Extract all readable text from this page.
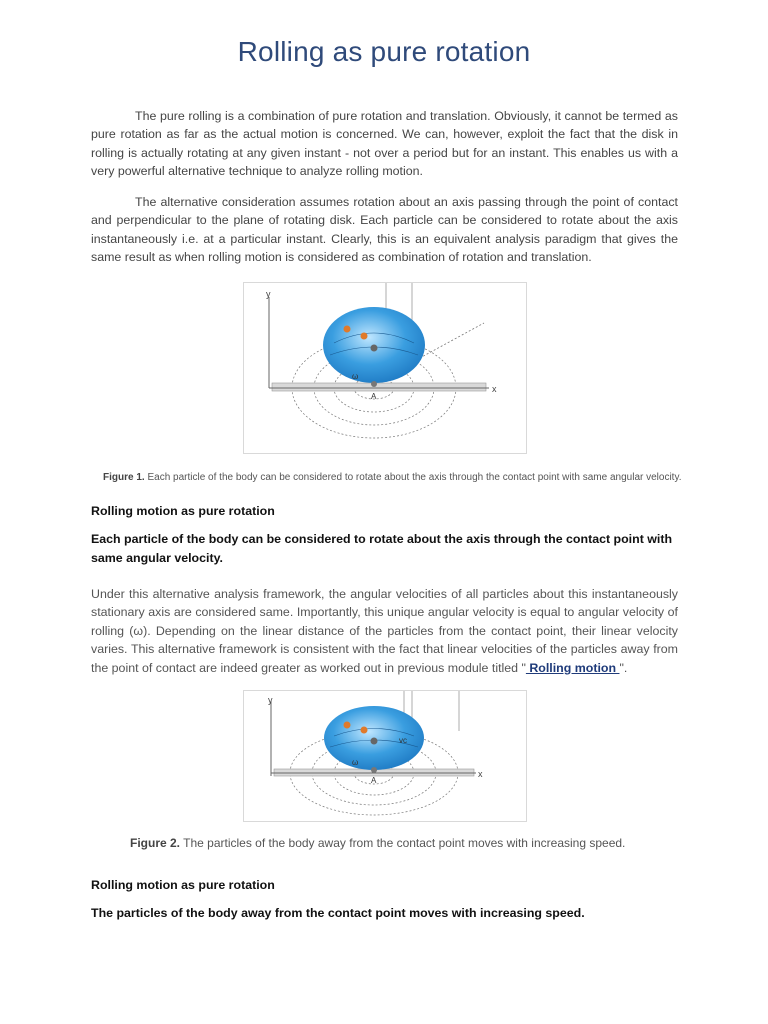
Rolling as pure rotation

The pure rolling is a combination of pure rotation and translation. Obviously, it cannot be termed as pure rotation as far as the actual motion is concerned. We can, however, exploit the fact that the disk in rolling is actually rotating at any given instant - not over a period but for an instant. This enables us with a very powerful alternative technique to analyze rolling motion.

The alternative consideration assumes rotation about an axis passing through the point of contact and perpendicular to the plane of rotating disk. Each particle can be considered to rotate about the axis instantaneously i.e. at a particular instant. Clearly, this is an equivalent analysis paradigm that gives the same result as when rolling motion is considered as combination of rotation and translation.

y
x
ω
A
Figure 1. Each particle of the body can be considered to rotate about the axis through the contact point with same angular velocity.

Rolling motion as pure rotation

Each particle of the body can be considered to rotate about the axis through the contact point with same angular velocity.

Under this alternative analysis framework, the angular velocities of all particles about this instantaneously stationary axis are considered same. Importantly, this unique angular velocity is equal to angular velocity of rolling (ω). Depending on the linear distance of the particles from the contact point, their linear velocity varies. This alternative framework is consistent with the fact that linear velocities of the particles away from the point of contact are indeed greater as worked out in previous module titled " Rolling motion ".

y
x
vc
ω
A
Figure 2. The particles of the body away from the contact point moves with increasing speed.

Rolling motion as pure rotation

The particles of the body away from the contact point moves with increasing speed.
